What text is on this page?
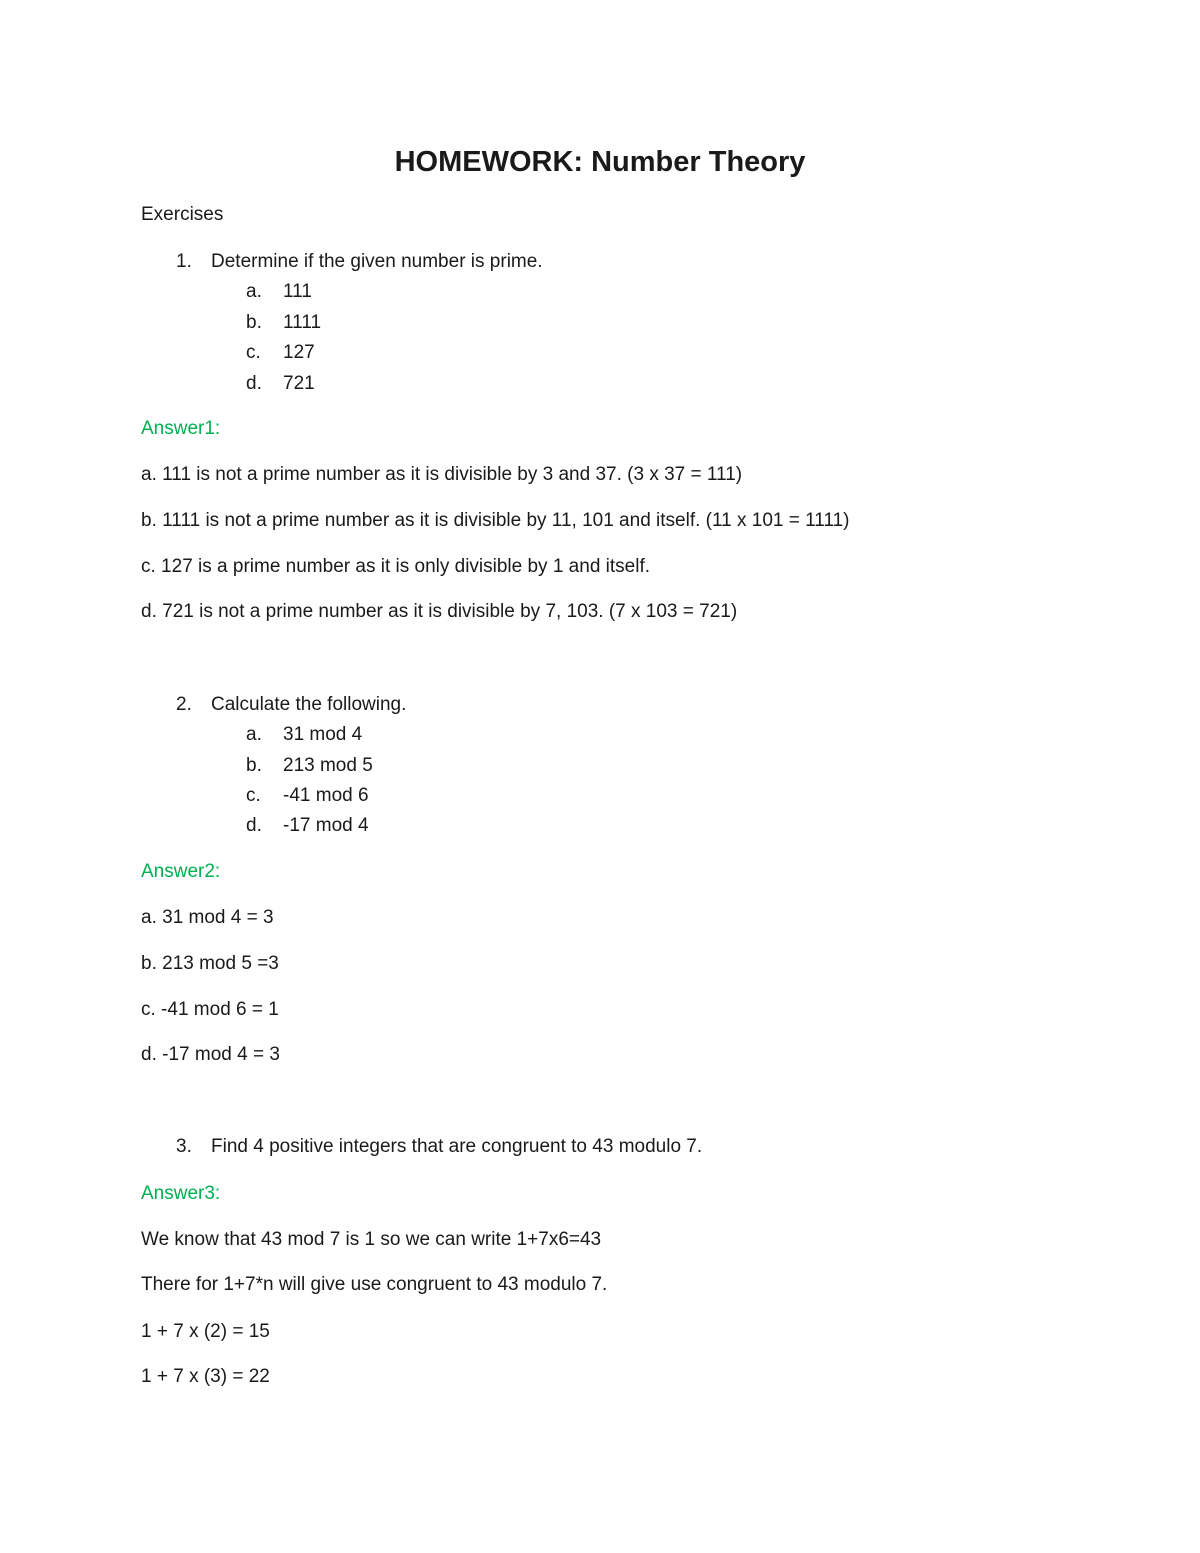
HOMEWORK: Number Theory
Exercises
1. Determine if the given number is prime.
a. 111
b. 1111
c. 127
d. 721
Answer1:
a. 111 is not a prime number as it is divisible by 3 and 37. (3 x 37 = 111)
b. 1111 is not a prime number as it is divisible by 11, 101 and itself. (11 x 101 = 1111)
c. 127 is a prime number as it is only divisible by 1 and itself.
d. 721 is not a prime number as it is divisible by 7, 103. (7 x 103 = 721)
2. Calculate the following.
a. 31 mod 4
b. 213 mod 5
c. -41 mod 6
d. -17 mod 4
Answer2:
a. 31 mod 4 = 3
b. 213 mod 5 =3
c. -41 mod 6 = 1
d. -17 mod 4 = 3
3. Find 4 positive integers that are congruent to 43 modulo 7.
Answer3:
We know that 43 mod 7 is 1 so we can write 1+7x6=43
There for 1+7*n will give use congruent to 43 modulo 7.
1 + 7 x (2) = 15
1 + 7 x (3) = 22
